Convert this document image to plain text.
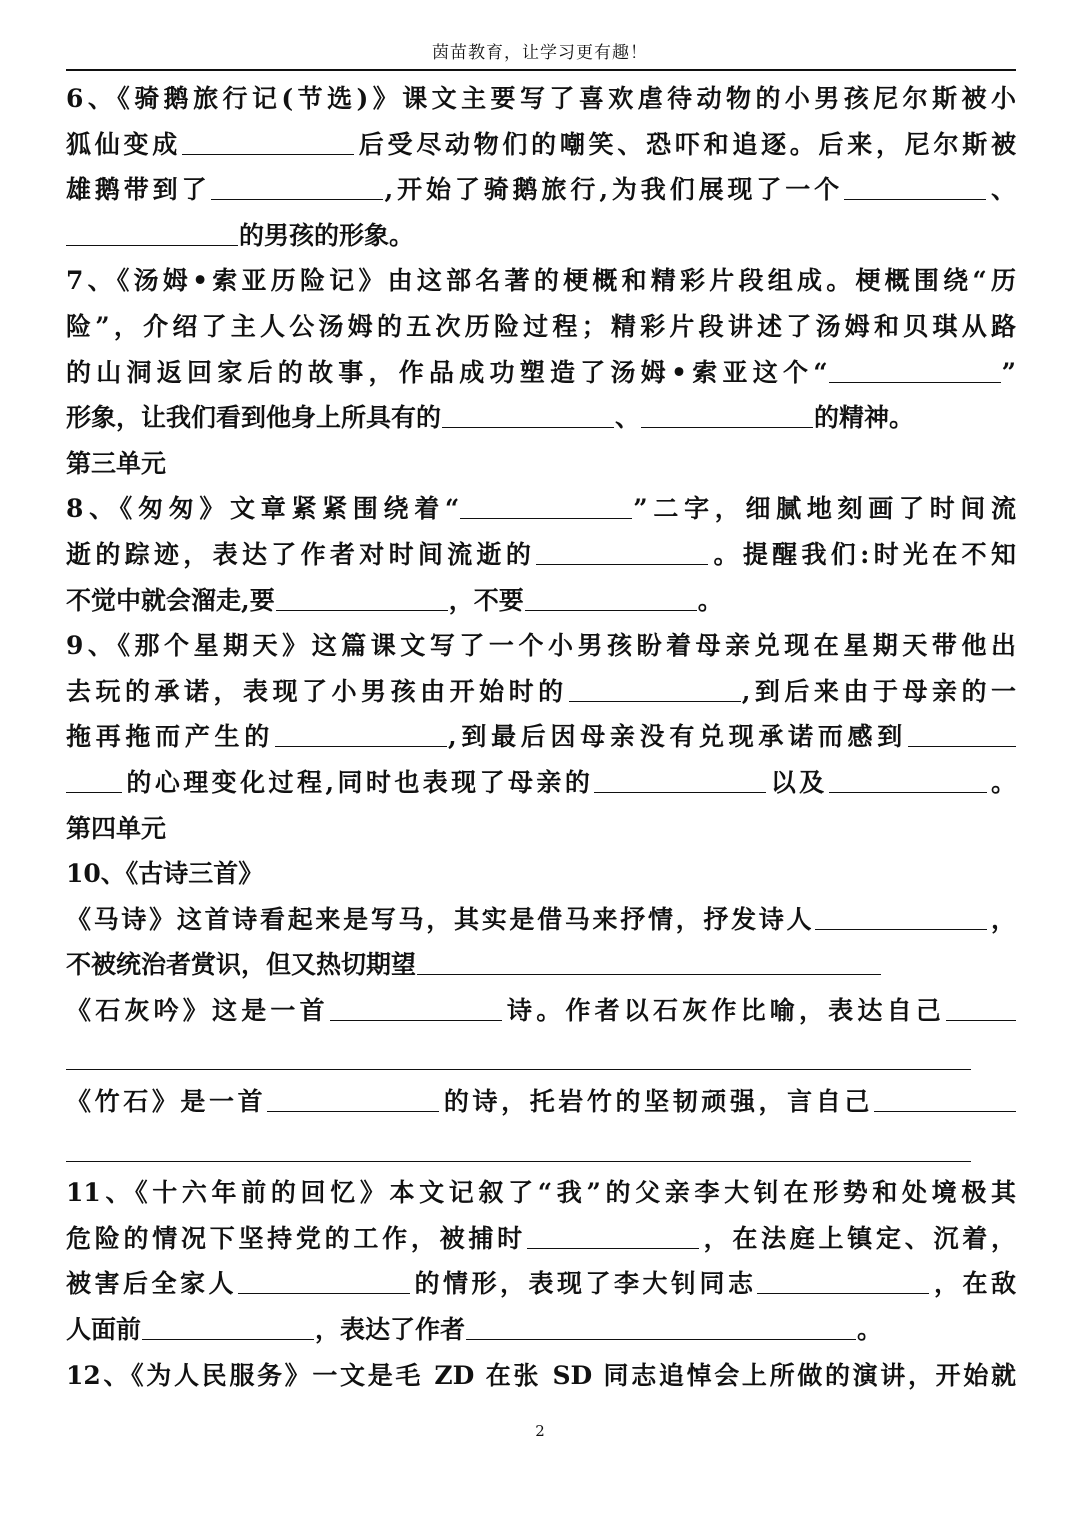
茵苗教育，让学习更有趣！
6、《骑鹅旅行记(节选)》课文主要写了喜欢虐待动物的小男孩尼尔斯被小
狐仙变成	后受尽动物们的嘲笑、恐吓和追逐。后来，尼尔斯被
雄鹅带到了	,开始了骑鹅旅行,为我们展现了一个	、
的男孩的形象。
7、《汤姆•索亚历险记》由这部名著的梗概和精彩片段组成。梗概围绕“历
险”，介绍了主人公汤姆的五次历险过程；精彩片段讲述了汤姆和贝琪从路
的山洞返回家后的故事，作品成功塑造了汤姆•索亚这个“	”
形象，让我们看到他身上所具有的	、	的精神。
第三单元
8、《匆匆》文章紧紧围绕着“	”二字，细腻地刻画了时间流
逝的踪迹，表达了作者对时间流逝的	。提醒我们:时光在不知
不觉中就会溜走,要	，不要	。
9、《那个星期天》这篇课文写了一个小男孩盼着母亲兑现在星期天带他出
去玩的承诺，表现了小男孩由开始时的	,到后来由于母亲的一
拖再拖而产生的	,到最后因母亲没有兑现承诺而感到
的心理变化过程,同时也表现了母亲的	以及	。
第四单元
10、《古诗三首》
《马诗》这首诗看起来是写马，其实是借马来抒情，抒发诗人	，
不被统治者赏识，但又热切期望
《石灰吟》这是一首	诗。作者以石灰作比喻，表达自己
《竹石》是一首	的诗，托岩竹的坚韧顽强，言自己
11、《十六年前的回忆》本文记叙了“我”的父亲李大钊在形势和处境极其
危险的情况下坚持党的工作，被捕时	，在法庭上镇定、沉着，
被害后全家人	的情形，表现了李大钊同志	，在敌
人面前	，表达了作者	。
12、《为人民服务》一文是毛 ZD 在张 SD 同志追悼会上所做的演讲，开始就
2
